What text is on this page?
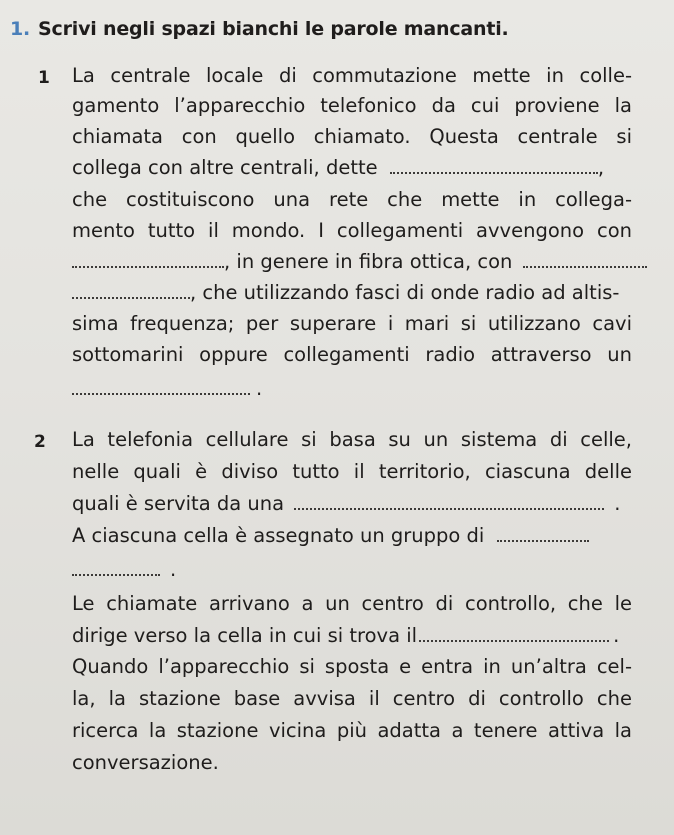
1. Scrivi negli spazi bianchi le parole mancanti.
1 La centrale locale di commutazione mette in colle-
gamento l’apparecchio telefonico da cui proviene la
chiamata con quello chiamato. Questa centrale si
collega con altre centrali, dette	,
che costituiscono una rete che mette in collega-
mento tutto il mondo. I collegamenti avvengono con
, in genere in fibra ottica, con
, che utilizzando fasci di onde radio ad altis-
sima frequenza; per superare i mari si utilizzano cavi
sottomarini oppure collegamenti radio attraverso un
.
2 La telefonia cellulare si basa su un sistema di celle,
nelle quali è diviso tutto il territorio, ciascuna delle
quali è servita da una	.
A ciascuna cella è assegnato un gruppo di
.
Le chiamate arrivano a un centro di controllo, che le
dirige verso la cella in cui si trova il	.
Quando l’apparecchio si sposta e entra in un’altra cel-
la, la stazione base avvisa il centro di controllo che
ricerca la stazione vicina più adatta a tenere attiva la
conversazione.
